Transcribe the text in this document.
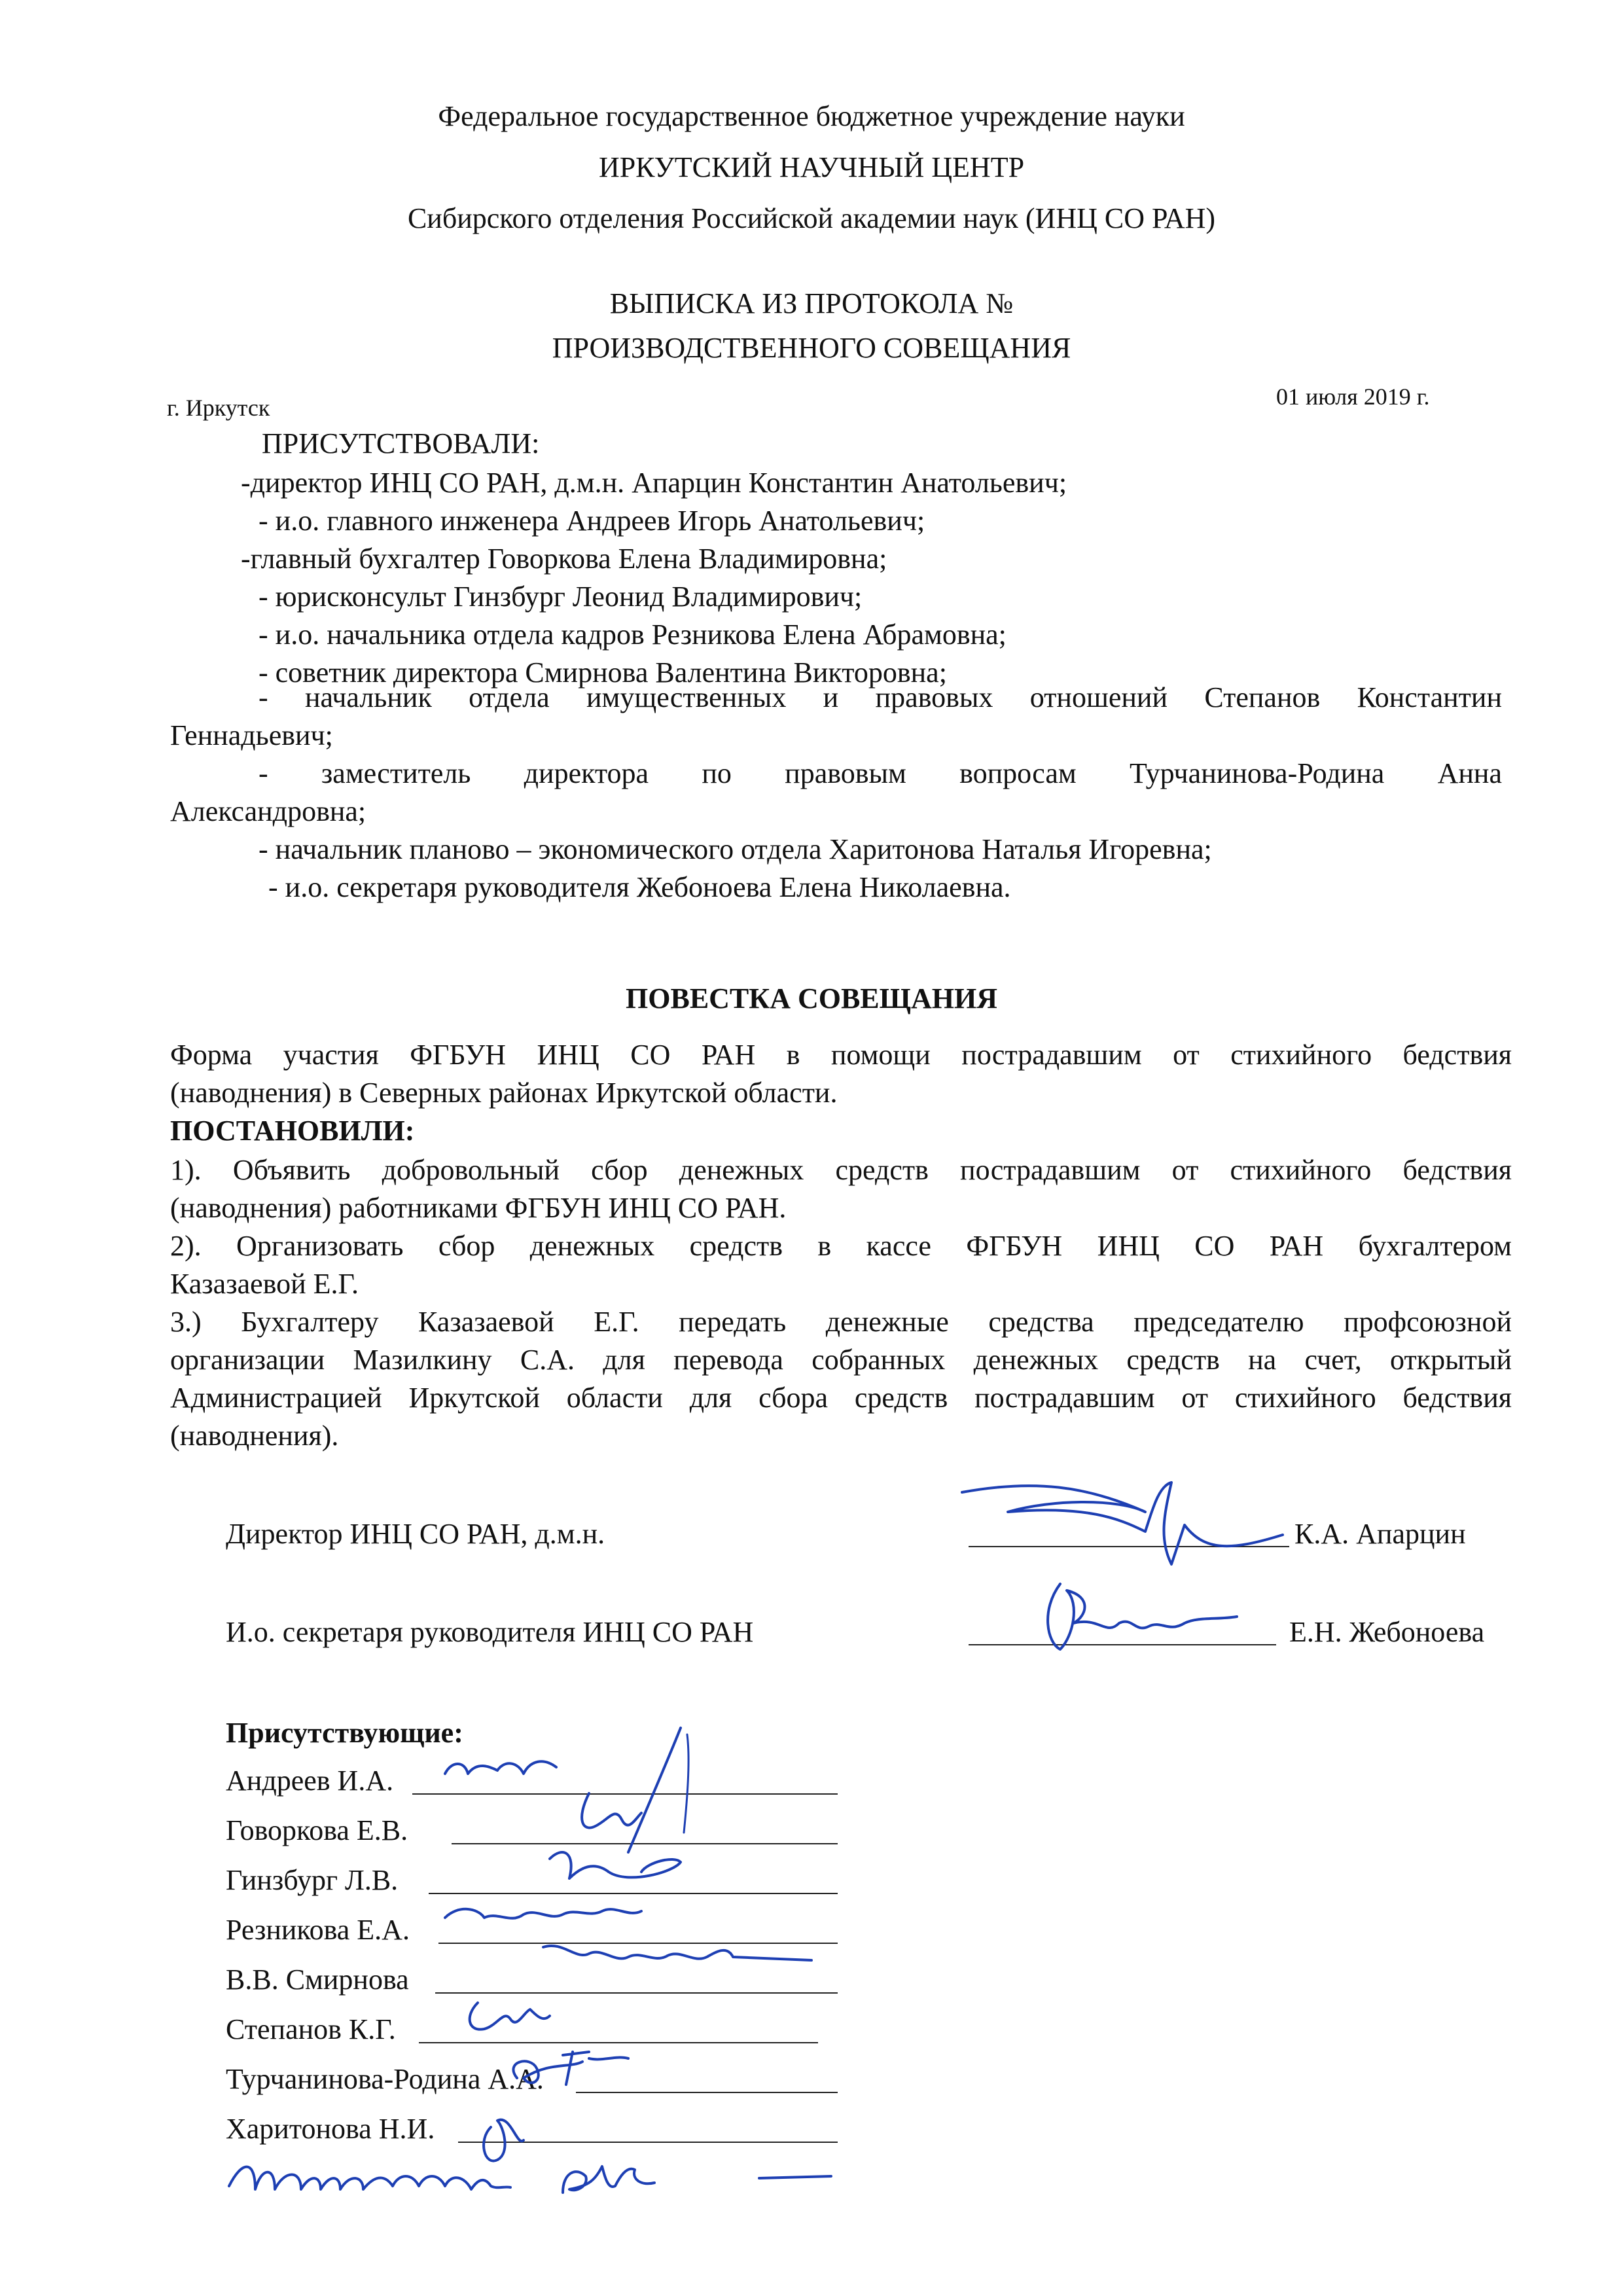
Федеральное государственное бюджетное учреждение науки
ИРКУТСКИЙ НАУЧНЫЙ ЦЕНТР
Сибирского отделения Российской академии наук (ИНЦ СО РАН)
ВЫПИСКА ИЗ ПРОТОКОЛА №
ПРОИЗВОДСТВЕННОГО СОВЕЩАНИЯ
г. Иркутск	01 июля 2019 г.
ПРИСУТСТВОВАЛИ:
-директор ИНЦ СО РАН, д.м.н. Апарцин Константин Анатольевич;
- и.о. главного инженера Андреев Игорь Анатольевич;
-главный бухгалтер Говоркова Елена Владимировна;
- юрисконсульт Гинзбург Леонид Владимирович;
- и.о. начальника отдела кадров Резникова Елена Абрамовна;
- советник директора Смирнова Валентина Викторовна;
- начальник отдела имущественных и правовых отношений Степанов Константин
Геннадьевич;
- заместитель директора по правовым вопросам Турчанинова-Родина Анна
Александровна;
- начальник планово – экономического отдела Харитонова Наталья Игоревна;
- и.о. секретаря руководителя Жебоноева Елена Николаевна.
ПОВЕСТКА СОВЕЩАНИЯ
Форма участия ФГБУН ИНЦ СО РАН в помощи пострадавшим от стихийного бедствия
(наводнения) в Северных районах Иркутской области.
ПОСТАНОВИЛИ:
1). Объявить добровольный сбор денежных средств пострадавшим от стихийного бедствия
(наводнения) работниками ФГБУН ИНЦ СО РАН.
2). Организовать сбор денежных средств в кассе ФГБУН ИНЦ СО РАН бухгалтером
Казазаевой Е.Г.
3.) Бухгалтеру Казазаевой Е.Г. передать денежные средства председателю профсоюзной
организации Мазилкину С.А. для перевода собранных денежных средств на счет, открытый
Администрацией Иркутской области для сбора средств пострадавшим от стихийного бедствия
(наводнения).
Директор ИНЦ СО РАН, д.м.н.	К.А. Апарцин
И.о. секретаря руководителя ИНЦ СО РАН	Е.Н. Жебоноева
Присутствующие:
Андреев И.А.
Говоркова Е.В.
Гинзбург Л.В.
Резникова Е.А.
В.В. Смирнова
Степанов К.Г.
Турчанинова-Родина А.А.
Харитонова Н.И.
